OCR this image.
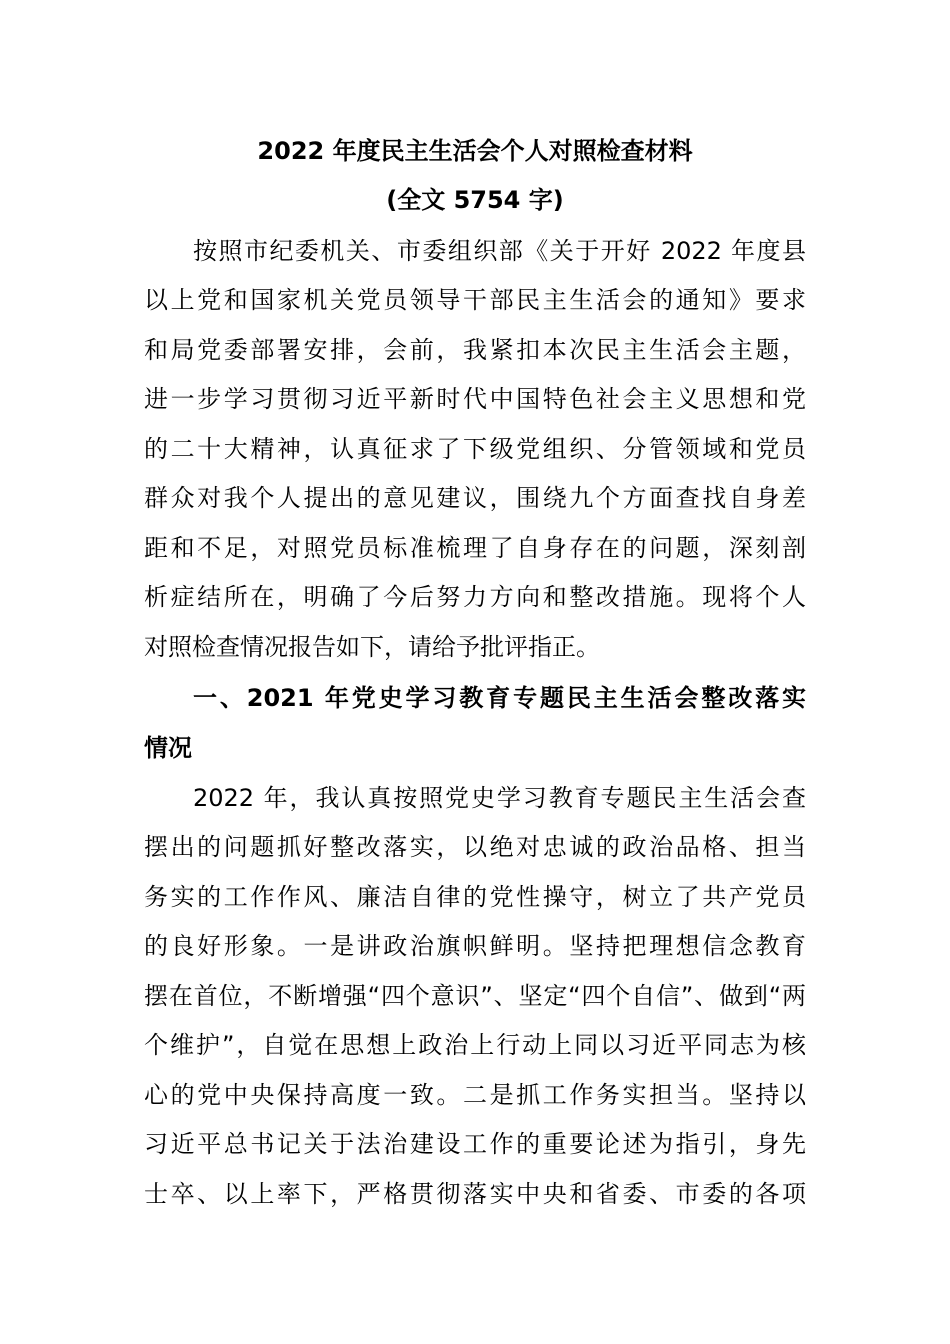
2022 年度民主生活会个人对照检查材料
(全文 5754 字)
按照市纪委机关、市委组织部《关于开好 2022 年度县
以上党和国家机关党员领导干部民主生活会的通知》要求
和局党委部署安排，会前，我紧扣本次民主生活会主题，
进一步学习贯彻习近平新时代中国特色社会主义思想和党
的二十大精神，认真征求了下级党组织、分管领域和党员
群众对我个人提出的意见建议，围绕九个方面查找自身差
距和不足，对照党员标准梳理了自身存在的问题，深刻剖
析症结所在，明确了今后努力方向和整改措施。现将个人
对照检查情况报告如下，请给予批评指正。
一、2021 年党史学习教育专题民主生活会整改落实
情况
2022 年，我认真按照党史学习教育专题民主生活会查
摆出的问题抓好整改落实，以绝对忠诚的政治品格、担当
务实的工作作风、廉洁自律的党性操守，树立了共产党员
的良好形象。一是讲政治旗帜鲜明。坚持把理想信念教育
摆在首位，不断增强“四个意识”、坚定“四个自信”、做到“两
个维护”，自觉在思想上政治上行动上同以习近平同志为核
心的党中央保持高度一致。二是抓工作务实担当。坚持以
习近平总书记关于法治建设工作的重要论述为指引，身先
士卒、以上率下，严格贯彻落实中央和省委、市委的各项
